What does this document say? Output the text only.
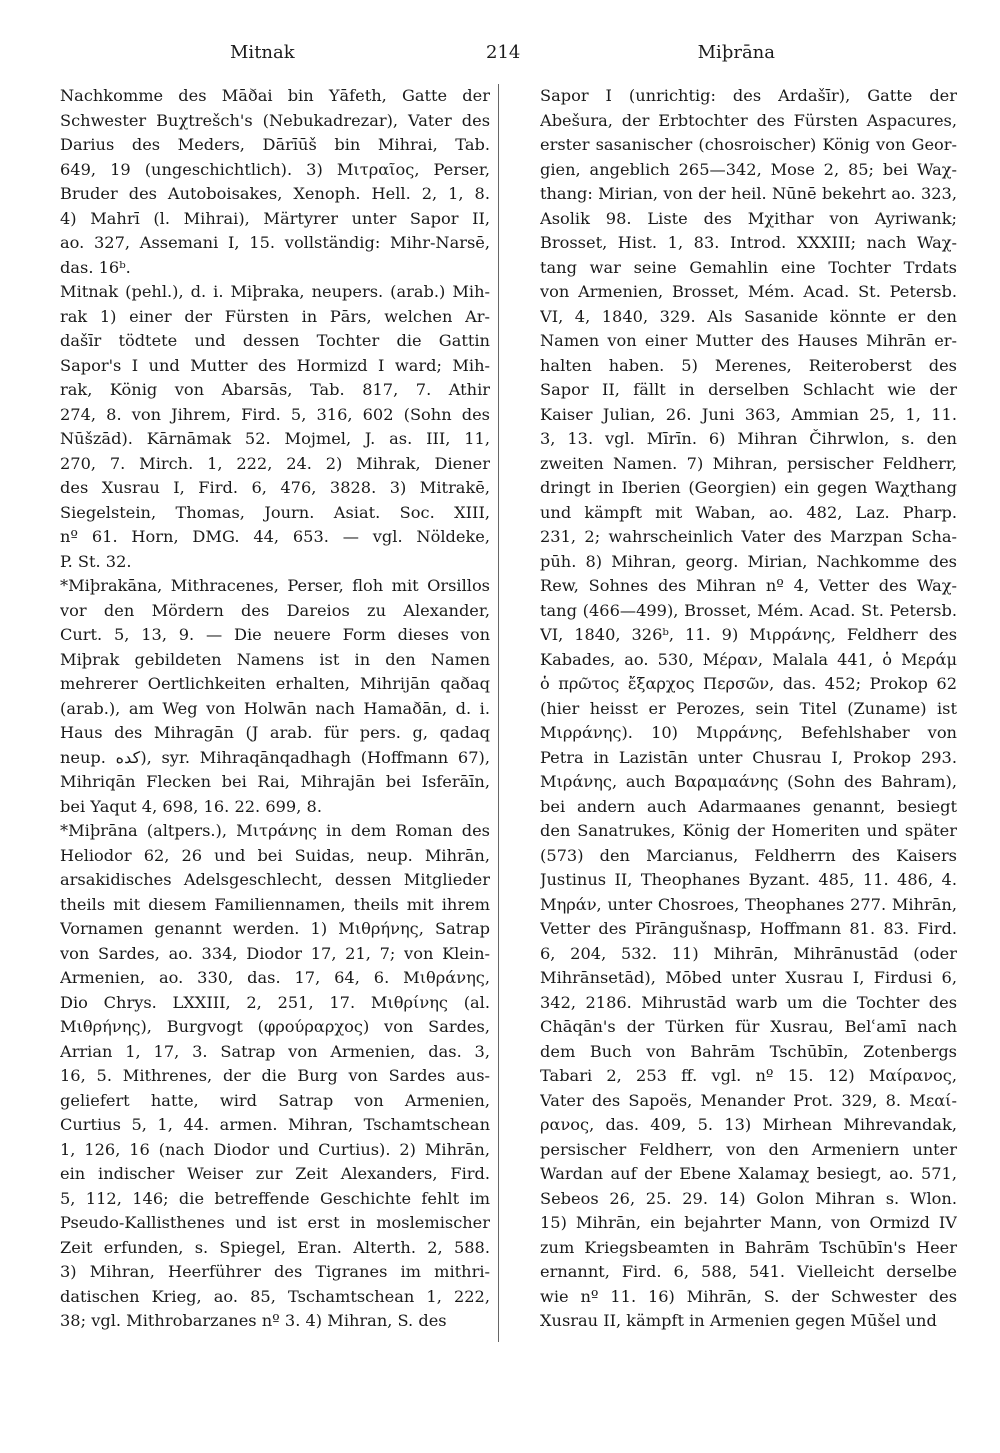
Mitnak	214	Miþrāna
Nachkomme des Māðai bin Yāfeth, Gatte der
Schwester Buχtrešch's (Nebukadrezar), Vater des
Darius des Meders, Dārīūš bin Mihrai, Tab.
649, 19 (ungeschichtlich). 3) Μιτραῖος, Perser,
Bruder des Autoboisakes, Xenoph. Hell. 2, 1, 8.
4) Mahrī (l. Mihrai), Märtyrer unter Sapor II,
ao. 327, Assemani I, 15. vollständig: Mihr-Narsē,
das. 16ᵇ.
Mitnak (pehl.), d. i. Miþraka, neupers. (arab.) Mih-
rak 1) einer der Fürsten in Pārs, welchen Ar-
dašīr tödtete und dessen Tochter die Gattin
Sapor's I und Mutter des Hormizd I ward; Mih-
rak, König von Abarsās, Tab. 817, 7. Athir
274, 8. von Jihrem, Fird. 5, 316, 602 (Sohn des
Nūšzād). Kārnāmak 52. Mojmel, J. as. III, 11,
270, 7. Mirch. 1, 222, 24. 2) Mihrak, Diener
des Xusrau I, Fird. 6, 476, 3828. 3) Mitrakē,
Siegelstein, Thomas, Journ. Asiat. Soc. XIII,
nº 61. Horn, DMG. 44, 653. — vgl. Nöldeke,
P. St. 32.
*Miþrakāna, Mithracenes, Perser, floh mit Orsillos
vor den Mördern des Dareios zu Alexander,
Curt. 5, 13, 9. — Die neuere Form dieses von
Miþrak gebildeten Namens ist in den Namen
mehrerer Oertlichkeiten erhalten, Mihrijān qaðaq
(arab.), am Weg von Holwān nach Hamaðān, d. i.
Haus des Mihragān (J arab. für pers. g, qadaq
neup. کده), syr. Mihraqānqadhagh (Hoffmann 67),
Mihriqān Flecken bei Rai, Mihrajān bei Isferāīn,
bei Yaqut 4, 698, 16. 22. 699, 8.
*Miþrāna (altpers.), Μιτράνης in dem Roman des
Heliodor 62, 26 und bei Suidas, neup. Mihrān,
arsakidisches Adelsgeschlecht, dessen Mitglieder
theils mit diesem Familiennamen, theils mit ihrem
Vornamen genannt werden. 1) Μιθρήνης, Satrap
von Sardes, ao. 334, Diodor 17, 21, 7; von Klein-
Armenien, ao. 330, das. 17, 64, 6. Μιθράνης,
Dio Chrys. LXXIII, 2, 251, 17. Μιθρίνης (al.
Μιθρήνης), Burgvogt (φρούραρχος) von Sardes,
Arrian 1, 17, 3. Satrap von Armenien, das. 3,
16, 5. Mithrenes, der die Burg von Sardes aus-
geliefert hatte, wird Satrap von Armenien,
Curtius 5, 1, 44. armen. Mihran, Tschamtschean
1, 126, 16 (nach Diodor und Curtius). 2) Mihrān,
ein indischer Weiser zur Zeit Alexanders, Fird.
5, 112, 146; die betreffende Geschichte fehlt im
Pseudo-Kallisthenes und ist erst in moslemischer
Zeit erfunden, s. Spiegel, Eran. Alterth. 2, 588.
3) Mihran, Heerführer des Tigranes im mithri-
datischen Krieg, ao. 85, Tschamtschean 1, 222,
38; vgl. Mithrobarzanes nº 3. 4) Mihran, S. des
Sapor I (unrichtig: des Ardašīr), Gatte der
Abešura, der Erbtochter des Fürsten Aspacures,
erster sasanischer (chosroischer) König von Geor-
gien, angeblich 265—342, Mose 2, 85; bei Waχ-
thang: Mirian, von der heil. Nūnē bekehrt ao. 323,
Asolik 98. Liste des Mχithar von Ayriwank;
Brosset, Hist. 1, 83. Introd. XXXIII; nach Waχ-
tang war seine Gemahlin eine Tochter Trdats
von Armenien, Brosset, Mém. Acad. St. Petersb.
VI, 4, 1840, 329. Als Sasanide könnte er den
Namen von einer Mutter des Hauses Mihrān er-
halten haben. 5) Merenes, Reiteroberst des
Sapor II, fällt in derselben Schlacht wie der
Kaiser Julian, 26. Juni 363, Ammian 25, 1, 11.
3, 13. vgl. Mīrīn. 6) Mihran Čihrwlon, s. den
zweiten Namen. 7) Mihran, persischer Feldherr,
dringt in Iberien (Georgien) ein gegen Waχthang
und kämpft mit Waban, ao. 482, Laz. Pharp.
231, 2; wahrscheinlich Vater des Marzpan Scha-
pūh. 8) Mihran, georg. Mirian, Nachkomme des
Rew, Sohnes des Mihran nº 4, Vetter des Waχ-
tang (466—499), Brosset, Mém. Acad. St. Petersb.
VI, 1840, 326ᵇ, 11. 9) Μιρράνης, Feldherr des
Kabades, ao. 530, Μέραν, Malala 441, ὁ Μεράμ
ὁ πρῶτος ἔξαρχος Περσῶν, das. 452; Prokop 62
(hier heisst er Perozes, sein Titel (Zuname) ist
Μιρράνης). 10) Μιρράνης, Befehlshaber von
Petra in Lazistān unter Chusrau I, Prokop 293.
Μιράνης, auch Βαραμαάνης (Sohn des Bahram),
bei andern auch Adarmaanes genannt, besiegt
den Sanatrukes, König der Homeriten und später
(573) den Marcianus, Feldherrn des Kaisers
Justinus II, Theophanes Byzant. 485, 11. 486, 4.
Μηράν, unter Chosroes, Theophanes 277. Mihrān,
Vetter des Pīrāngušnasp, Hoffmann 81. 83. Fird.
6, 204, 532. 11) Mihrān, Mihrānustād (oder
Mihrānsetād), Mōbed unter Xusrau I, Firdusi 6,
342, 2186. Mihrustād warb um die Tochter des
Chāqān's der Türken für Xusrau, Belʿamī nach
dem Buch von Bahrām Tschūbīn, Zotenbergs
Tabari 2, 253 ff. vgl. nº 15. 12) Μαίρανος,
Vater des Sapoës, Menander Prot. 329, 8. Μεαί-
ρανος, das. 409, 5. 13) Mirhean Mihrevandak,
persischer Feldherr, von den Armeniern unter
Wardan auf der Ebene Xalamaχ besiegt, ao. 571,
Sebeos 26, 25. 29. 14) Golon Mihran s. Wlon.
15) Mihrān, ein bejahrter Mann, von Ormizd IV
zum Kriegsbeamten in Bahrām Tschūbīn's Heer
ernannt, Fird. 6, 588, 541. Vielleicht derselbe
wie nº 11. 16) Mihrān, S. der Schwester des
Xusrau II, kämpft in Armenien gegen Mūšel und
